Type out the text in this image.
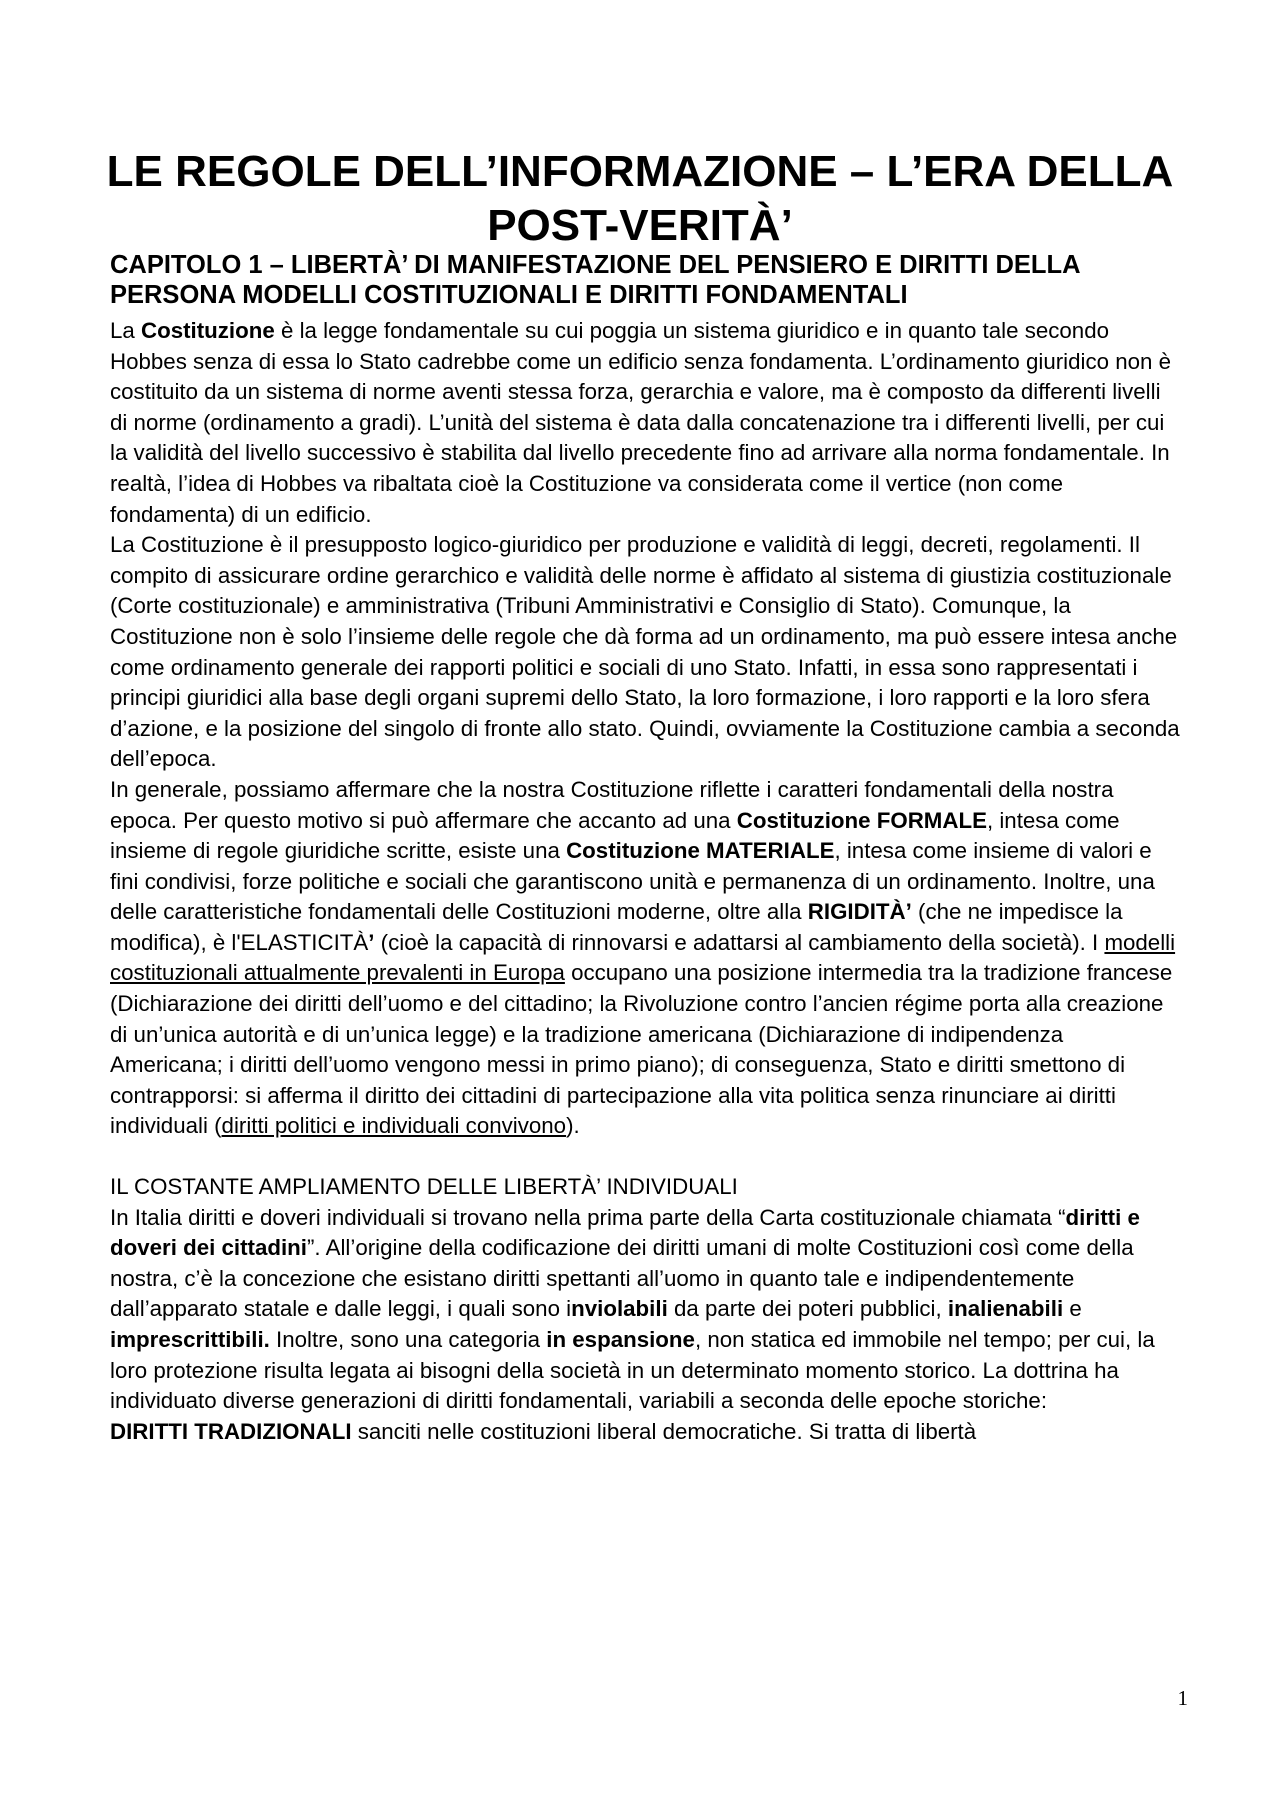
LE REGOLE DELL’INFORMAZIONE – L’ERA DELLA POST-VERITÀ’
CAPITOLO 1 – LIBERTÀ’ DI MANIFESTAZIONE DEL PENSIERO E DIRITTI DELLA PERSONA MODELLI COSTITUZIONALI E DIRITTI FONDAMENTALI

La Costituzione è la legge fondamentale su cui poggia un sistema giuridico e in quanto tale secondo Hobbes senza di essa lo Stato cadrebbe come un edificio senza fondamenta. L’ordinamento giuridico non è costituito da un sistema di norme aventi stessa forza, gerarchia e valore, ma è composto da differenti livelli di norme (ordinamento a gradi). L’unità del sistema è data dalla concatenazione tra i differenti livelli, per cui la validità del livello successivo è stabilita dal livello precedente fino ad arrivare alla norma fondamentale. In realtà, l’idea di Hobbes va ribaltata cioè la Costituzione va considerata come il vertice (non come fondamenta) di un edificio.

La Costituzione è il presupposto logico-giuridico per produzione e validità di leggi, decreti, regolamenti. Il compito di assicurare ordine gerarchico e validità delle norme è affidato al sistema di giustizia costituzionale (Corte costituzionale) e amministrativa (Tribuni Amministrativi e Consiglio di Stato). Comunque, la Costituzione non è solo l’insieme delle regole che dà forma ad un ordinamento, ma può essere intesa anche come ordinamento generale dei rapporti politici e sociali di uno Stato. Infatti, in essa sono rappresentati i principi giuridici alla base degli organi supremi dello Stato, la loro formazione, i loro rapporti e la loro sfera d’azione, e la posizione del singolo di fronte allo stato. Quindi, ovviamente la Costituzione cambia a seconda dell’epoca.

In generale, possiamo affermare che la nostra Costituzione riflette i caratteri fondamentali della nostra epoca. Per questo motivo si può affermare che accanto ad una Costituzione FORMALE, intesa come insieme di regole giuridiche scritte, esiste una Costituzione MATERIALE, intesa come insieme di valori e fini condivisi, forze politiche e sociali che garantiscono unità e permanenza di un ordinamento. Inoltre, una delle caratteristiche fondamentali delle Costituzioni moderne, oltre alla RIGIDITÀ’ (che ne impedisce la modifica), è l'ELASTICITÀ’ (cioè la capacità di rinnovarsi e adattarsi al cambiamento della società). I modelli costituzionali attualmente prevalenti in Europa occupano una posizione intermedia tra la tradizione francese (Dichiarazione dei diritti dell’uomo e del cittadino; la Rivoluzione contro l’ancien régime porta alla creazione di un’unica autorità e di un’unica legge) e la tradizione americana (Dichiarazione di indipendenza Americana; i diritti dell’uomo vengono messi in primo piano); di conseguenza, Stato e diritti smettono di contrapporsi: si afferma il diritto dei cittadini di partecipazione alla vita politica senza rinunciare ai diritti individuali (diritti politici e individuali convivono).

IL COSTANTE AMPLIAMENTO DELLE LIBERTÀ’ INDIVIDUALI

In Italia diritti e doveri individuali si trovano nella prima parte della Carta costituzionale chiamata “diritti e doveri dei cittadini”. All’origine della codificazione dei diritti umani di molte Costituzioni così come della nostra, c’è la concezione che esistano diritti spettanti all’uomo in quanto tale e indipendentemente dall’apparato statale e dalle leggi, i quali sono inviolabili da parte dei poteri pubblici, inalienabili e imprescrittibili. Inoltre, sono una categoria in espansione, non statica ed immobile nel tempo; per cui, la loro protezione risulta legata ai bisogni della società in un determinato momento storico. La dottrina ha individuato diverse generazioni di diritti fondamentali, variabili a seconda delle epoche storiche:

DIRITTI TRADIZIONALI sanciti nelle costituzioni liberal democratiche. Si tratta di libertà

1
